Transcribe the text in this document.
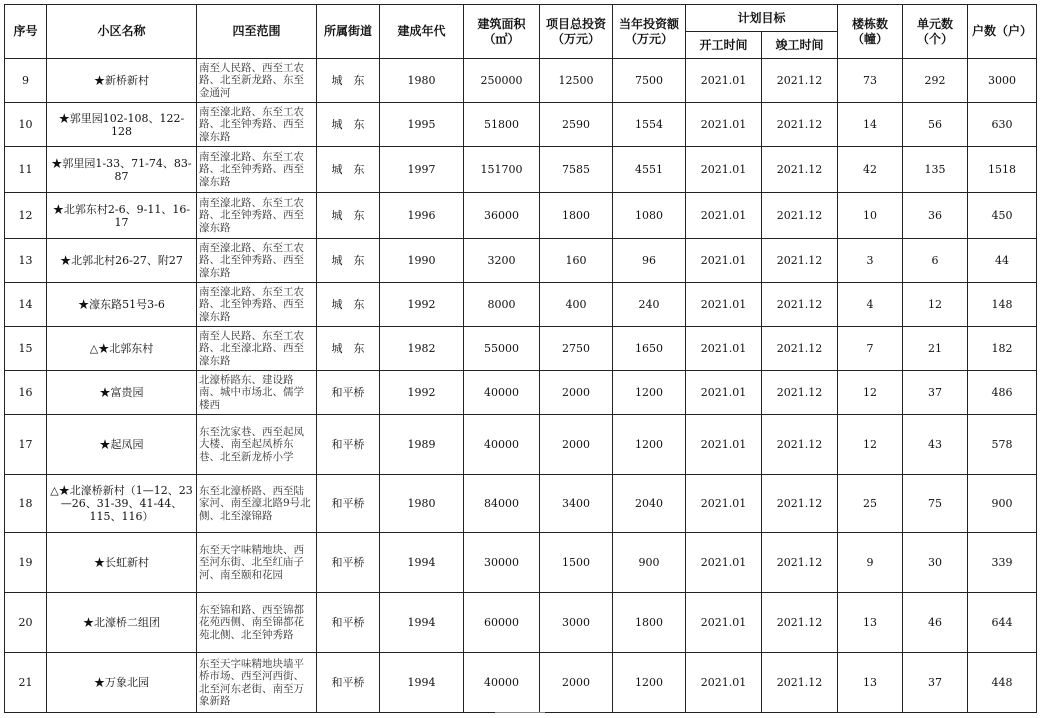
序号	小区名称	四至范围	所属街道	建成年代	建筑面积（㎡）	项目总投资（万元）	当年投资额（万元）	计划目标		楼栋数（幢）	单元数（个）	户数（户）
								开工时间	竣工时间			
9	★新桥新村	南至人民路、西至工农路、北至新龙路、东至金通河	城　东	1980	250000	12500	7500	2021.01	2021.12	73	292	3000
10	★郭里园102-108、122-128	南至濠北路、东至工农路、北至钟秀路、西至濠东路	城　东	1995	51800	2590	1554	2021.01	2021.12	14	56	630
11	★郭里园1-33、71-74、83-87	南至濠北路、东至工农路、北至钟秀路、西至濠东路	城　东	1997	151700	7585	4551	2021.01	2021.12	42	135	1518
12	★北郭东村2-6、9-11、16-17	南至濠北路、东至工农路、北至钟秀路、西至濠东路	城　东	1996	36000	1800	1080	2021.01	2021.12	10	36	450
13	★北郭北村26-27、附27	南至濠北路、东至工农路、北至钟秀路、西至濠东路	城　东	1990	3200	160	96	2021.01	2021.12	3	6	44
14	★濠东路51号3-6	南至濠北路、东至工农路、北至钟秀路、西至濠东路	城　东	1992	8000	400	240	2021.01	2021.12	4	12	148
15	△★北郭东村	南至人民路、东至工农路、北至濠北路、西至濠东路	城　东	1982	55000	2750	1650	2021.01	2021.12	7	21	182
16	★富贵园	北濠桥路东、建设路南、城中市场北、儒学楼西	和平桥	1992	40000	2000	1200	2021.01	2021.12	12	37	486
17	★起凤园	东至沈家巷、西至起凤大楼、南至起凤桥东巷、北至新龙桥小学	和平桥	1989	40000	2000	1200	2021.01	2021.12	12	43	578
18	△★北濠桥新村（1—12、23—26、31-39、41-44、115、116）	东至北濠桥路、西至陆家河、南至濠北路9号北侧、北至濠锦路	和平桥	1980	84000	3400	2040	2021.01	2021.12	25	75	900
19	★长虹新村	东至天字味精地块、西至河东街、北至红庙子河、南至颐和花园	和平桥	1994	30000	1500	900	2021.01	2021.12	9	30	339
20	★北濠桥二组团	东至锦和路、西至锦都花苑西侧、南至锦都花苑北侧、北至钟秀路	和平桥	1994	60000	3000	1800	2021.01	2021.12	13	46	644
21	★万象北园	东至天字味精地块墙平桥市场、西至河西街、北至河东老街、南至万象新路	和平桥	1994	40000	2000	1200	2021.01	2021.12	13	37	448
